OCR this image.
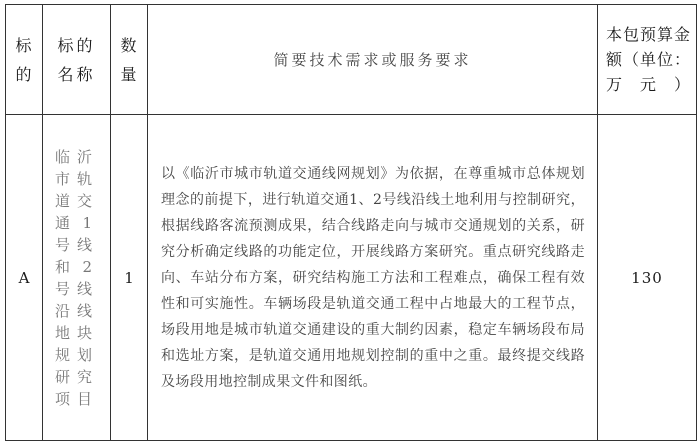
标的	标的名称	数量	简要技术需求或服务要求	本包预算金额（单位：万元）

A	临沂市轨道交通1号线和2号线沿线地块规划研究项目	1	以《临沂市城市轨道交通线网规划》为依据，在尊重城市总体规划理念的前提下，进行轨道交通1、2号线沿线土地利用与控制研究，根据线路客流预测成果，结合线路走向与城市交通规划的关系，研究分析确定线路的功能定位，开展线路方案研究。重点研究线路走向、车站分布方案，研究结构施工方法和工程难点，确保工程有效性和可实施性。车辆场段是轨道交通工程中占地最大的工程节点，场段用地是城市轨道交通建设的重大制约因素，稳定车辆场段布局和选址方案，是轨道交通用地规划控制的重中之重。最终提交线路及场段用地控制成果文件和图纸。	130
